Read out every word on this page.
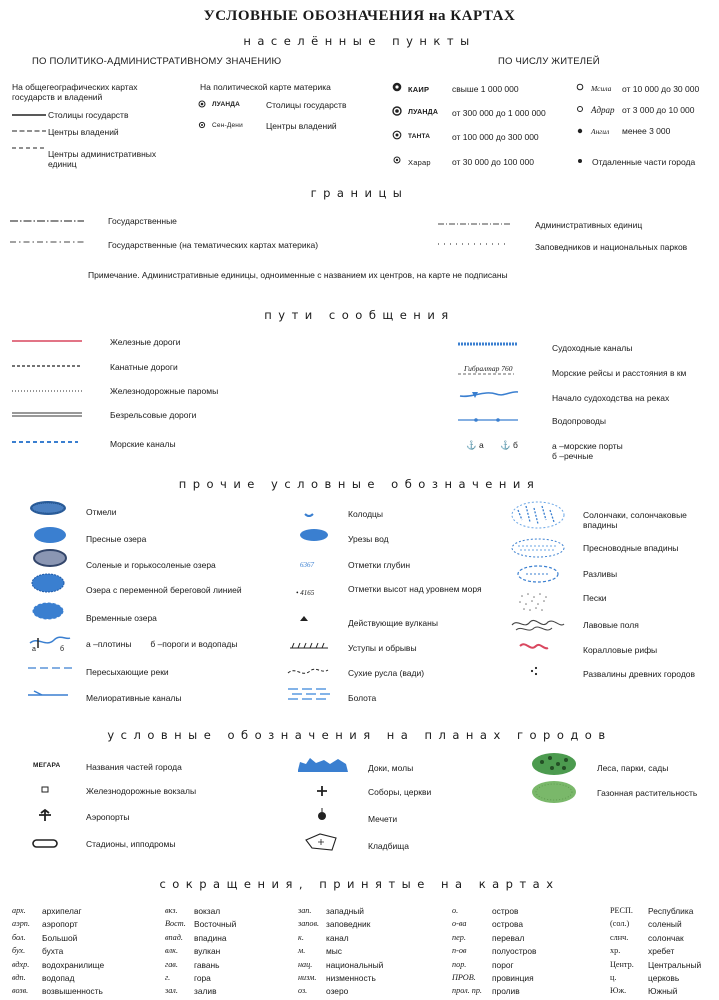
УСЛОВНЫЕ ОБОЗНАЧЕНИЯ на КАРТАХ
населённые пункты
ПО ПОЛИТИКО-АДМИНИСТРАТИВНОМУ ЗНАЧЕНИЮ	ПО ЧИСЛУ ЖИТЕЛЕЙ
На общегеографических картах государств и владений
Столицы государств
Центры владений
Центры административных единиц
На политической карте материка
ЛУАНДА	Столицы государств
Сен-Дени	Центры владений
КАИР	свыше 1 000 000
ЛУАНДА от 300 000 до 1 000 000
ТАНТА	от 100 000 до 300 000
Харар	от 30 000 до 100 000
Мсила от 10 000 до 30 000
Адрар от 3 000 до 10 000
Ангил менее 3 000
Отдаленные части города
границы
Государственные
Государственные (на тематических картах материка)
Административных единиц
Заповедников и национальных парков
Примечание. Административные единицы, одноименные с названием их центров, на карте не подписаны
пути сообщения
Железные дороги
Канатные дороги
Железнодорожные паромы
Безрельсовые дороги
Морские каналы
Гибралтар 760
Судоходные каналы
Морские рейсы и расстояния в км
Начало судоходства на реках
Водопроводы
⚓ а ⚓ б	а –морские порты
б –речные
прочие условные обозначения
а	б
Отмели
Пресные озера
Соленые и горькосоленые озера
Озера с переменной береговой линией
Временные озера
а –плотины        б –пороги и водопады
Пересыхающие реки
Мелиоративные каналы
1680
6367
• 4165
Колодцы
Урезы вод
Отметки глубин
Отметки высот над уровнем моря
Действующие вулканы
Уступы и обрывы
Сухие русла (вади)
Болота
Солончаки, солончаковые впадины
Пресноводные впадины
Разливы
Пески
Лавовые поля
Коралловые рифы
Развалины древних городов
условные обозначения на планах городов
МЕГАРА	Названия частей города
Железнодорожные вокзалы
Аэропорты
Стадионы, ипподромы
Доки, молы
Соборы, церкви
Мечети
Кладбища
Леса, парки, сады
Газонная растительность
сокращения, принятые на картах
арх. архипелаг
аэрп. аэропорт
бол. Большой
бух. бухта
вдхр. водохранилище
вдп. водопад
возв. возвышенность
вкз. вокзал
Вост. Восточный
впад. впадина
влк. вулкан
гав. гавань
г.	гора
зал. залив
зап. западный
запов. заповедник
к.	канал
м. мыс
нац. национальный
низм. низменность
оз. озеро
о.	остров
о-ва	острова
пер.	перевал
п-ов	полуостров
пор.	порог
ПРОВ. провинция
прол. пр. пролив
РЕСП. Республика
(сол.) соленый
слнч. солончак
хр.	хребет
Центр. Центральный
ц.	церковь
Юж.	Южный
